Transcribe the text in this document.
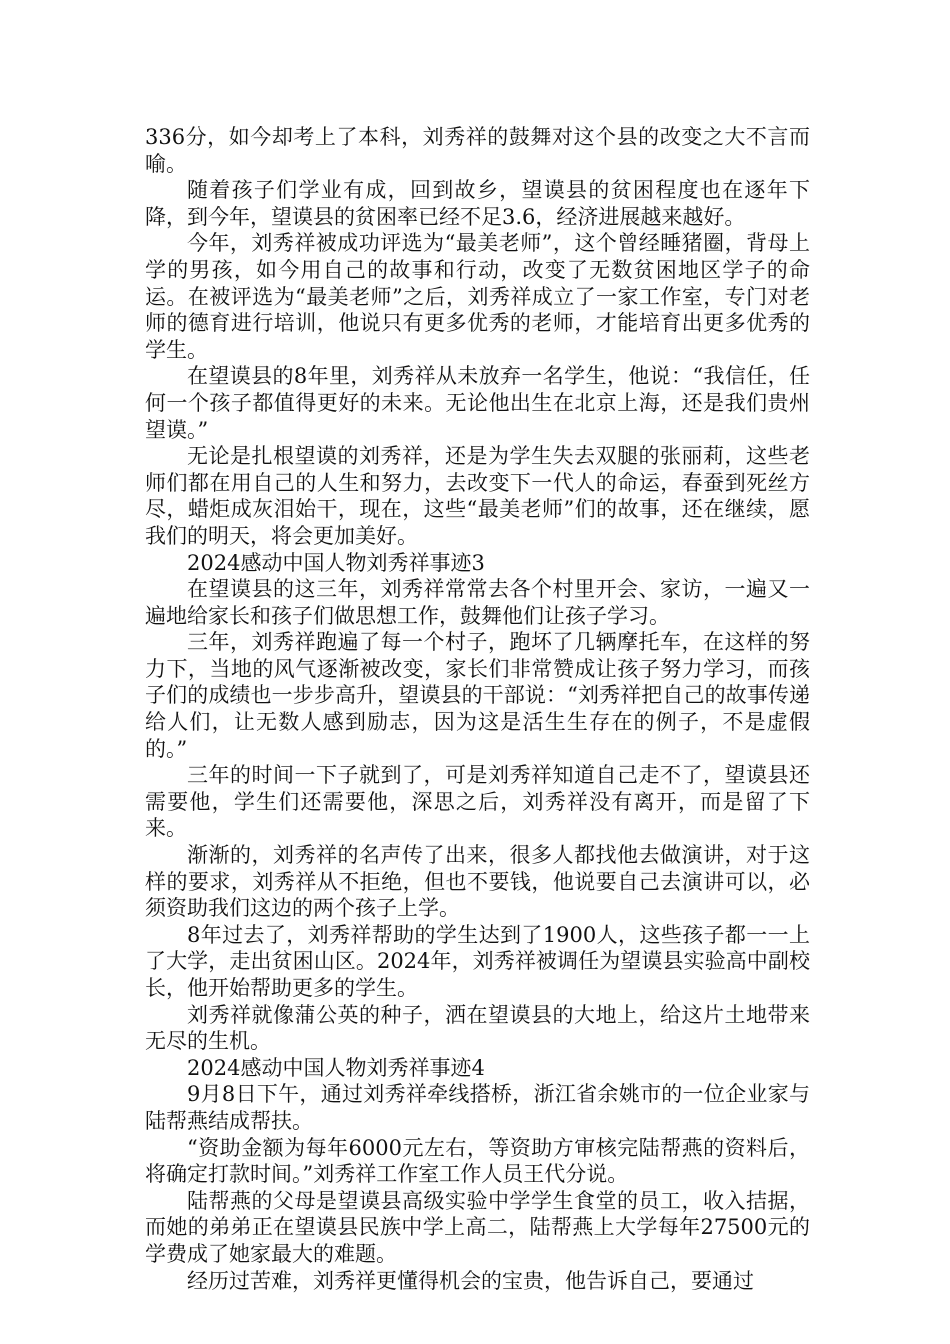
336分，如今却考上了本科，刘秀祥的鼓舞对这个县的改变之大不言而喻。

随着孩子们学业有成，回到故乡，望谟县的贫困程度也在逐年下降，到今年，望谟县的贫困率已经不足3.6，经济进展越来越好。

今年，刘秀祥被成功评选为“最美老师”，这个曾经睡猪圈，背母上学的男孩，如今用自己的故事和行动，改变了无数贫困地区学子的命运。在被评选为“最美老师”之后，刘秀祥成立了一家工作室，专门对老师的德育进行培训，他说只有更多优秀的老师，才能培育出更多优秀的学生。

在望谟县的8年里，刘秀祥从未放弃一名学生，他说：“我信任，任何一个孩子都值得更好的未来。无论他出生在北京上海，还是我们贵州望谟。”

无论是扎根望谟的刘秀祥，还是为学生失去双腿的张丽莉，这些老师们都在用自己的人生和努力，去改变下一代人的命运，春蚕到死丝方尽，蜡炬成灰泪始干，现在，这些“最美老师”们的故事，还在继续，愿我们的明天，将会更加美好。

2024感动中国人物刘秀祥事迹3

在望谟县的这三年，刘秀祥常常去各个村里开会、家访，一遍又一遍地给家长和孩子们做思想工作，鼓舞他们让孩子学习。

三年，刘秀祥跑遍了每一个村子，跑坏了几辆摩托车，在这样的努力下，当地的风气逐渐被改变，家长们非常赞成让孩子努力学习，而孩子们的成绩也一步步高升，望谟县的干部说：“刘秀祥把自己的故事传递给人们，让无数人感到励志，因为这是活生生存在的例子，不是虚假的。”

三年的时间一下子就到了，可是刘秀祥知道自己走不了，望谟县还需要他，学生们还需要他，深思之后，刘秀祥没有离开，而是留了下来。

渐渐的，刘秀祥的名声传了出来，很多人都找他去做演讲，对于这样的要求，刘秀祥从不拒绝，但也不要钱，他说要自己去演讲可以，必须资助我们这边的两个孩子上学。

8年过去了，刘秀祥帮助的学生达到了1900人，这些孩子都一一上了大学，走出贫困山区。2024年，刘秀祥被调任为望谟县实验高中副校长，他开始帮助更多的学生。

刘秀祥就像蒲公英的种子，洒在望谟县的大地上，给这片土地带来无尽的生机。

2024感动中国人物刘秀祥事迹4

9月8日下午，通过刘秀祥牵线搭桥，浙江省余姚市的一位企业家与陆帮燕结成帮扶。

“资助金额为每年6000元左右，等资助方审核完陆帮燕的资料后，将确定打款时间。”刘秀祥工作室工作人员王代分说。

陆帮燕的父母是望谟县高级实验中学学生食堂的员工，收入拮据，而她的弟弟正在望谟县民族中学上高二，陆帮燕上大学每年27500元的学费成了她家最大的难题。

经历过苦难，刘秀祥更懂得机会的宝贵，他告诉自己，要通过
